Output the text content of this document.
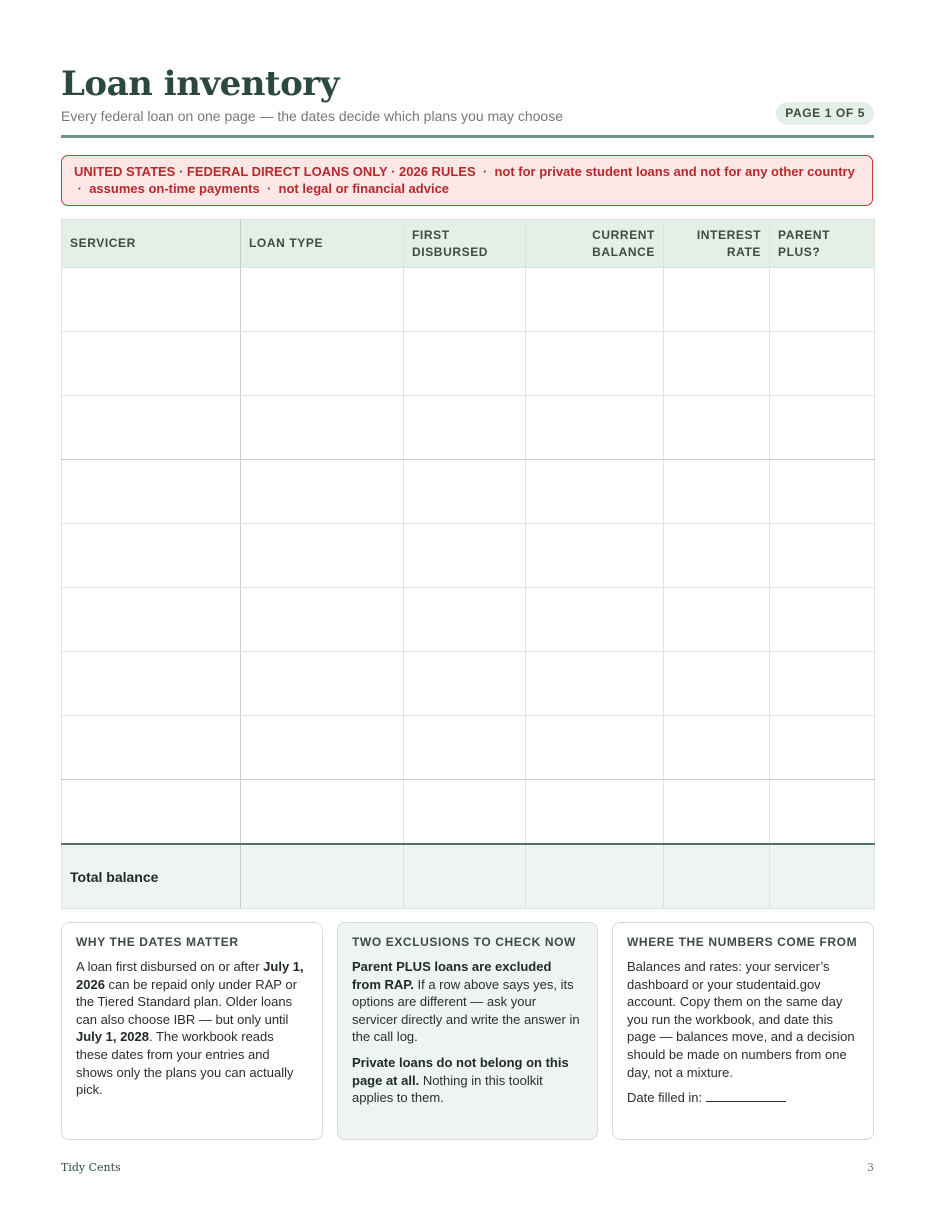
Loan inventory
Every federal loan on one page — the dates decide which plans you may choose	PAGE 1 OF 5
UNITED STATES · FEDERAL DIRECT LOANS ONLY · 2026 RULES · not for private student loans and not for any other country  · assumes on-time payments · not legal or financial advice
SERVICER	LOAN TYPE	FIRST DISBURSED	CURRENT BALANCE	INTEREST RATE	PARENT PLUS?

Total balance					
WHY THE DATES MATTER

A loan first disbursed on or after July 1, 2026 can be repaid only under RAP or the Tiered Standard plan. Older loans can also choose IBR — but only until July 1, 2028. The workbook reads these dates from your entries and shows only the plans you can actually pick.

TWO EXCLUSIONS TO CHECK NOW

Parent PLUS loans are excluded from RAP. If a row above says yes, its options are different — ask your servicer directly and write the answer in the call log.

Private loans do not belong on this page at all. Nothing in this toolkit applies to them.

WHERE THE NUMBERS COME FROM

Balances and rates: your servicer’s dashboard or your studentaid.gov account. Copy them on the same day you run the workbook, and date this page — balances move, and a decision should be made on numbers from one day, not a mixture.

Date filled in:

Tidy Cents	3
